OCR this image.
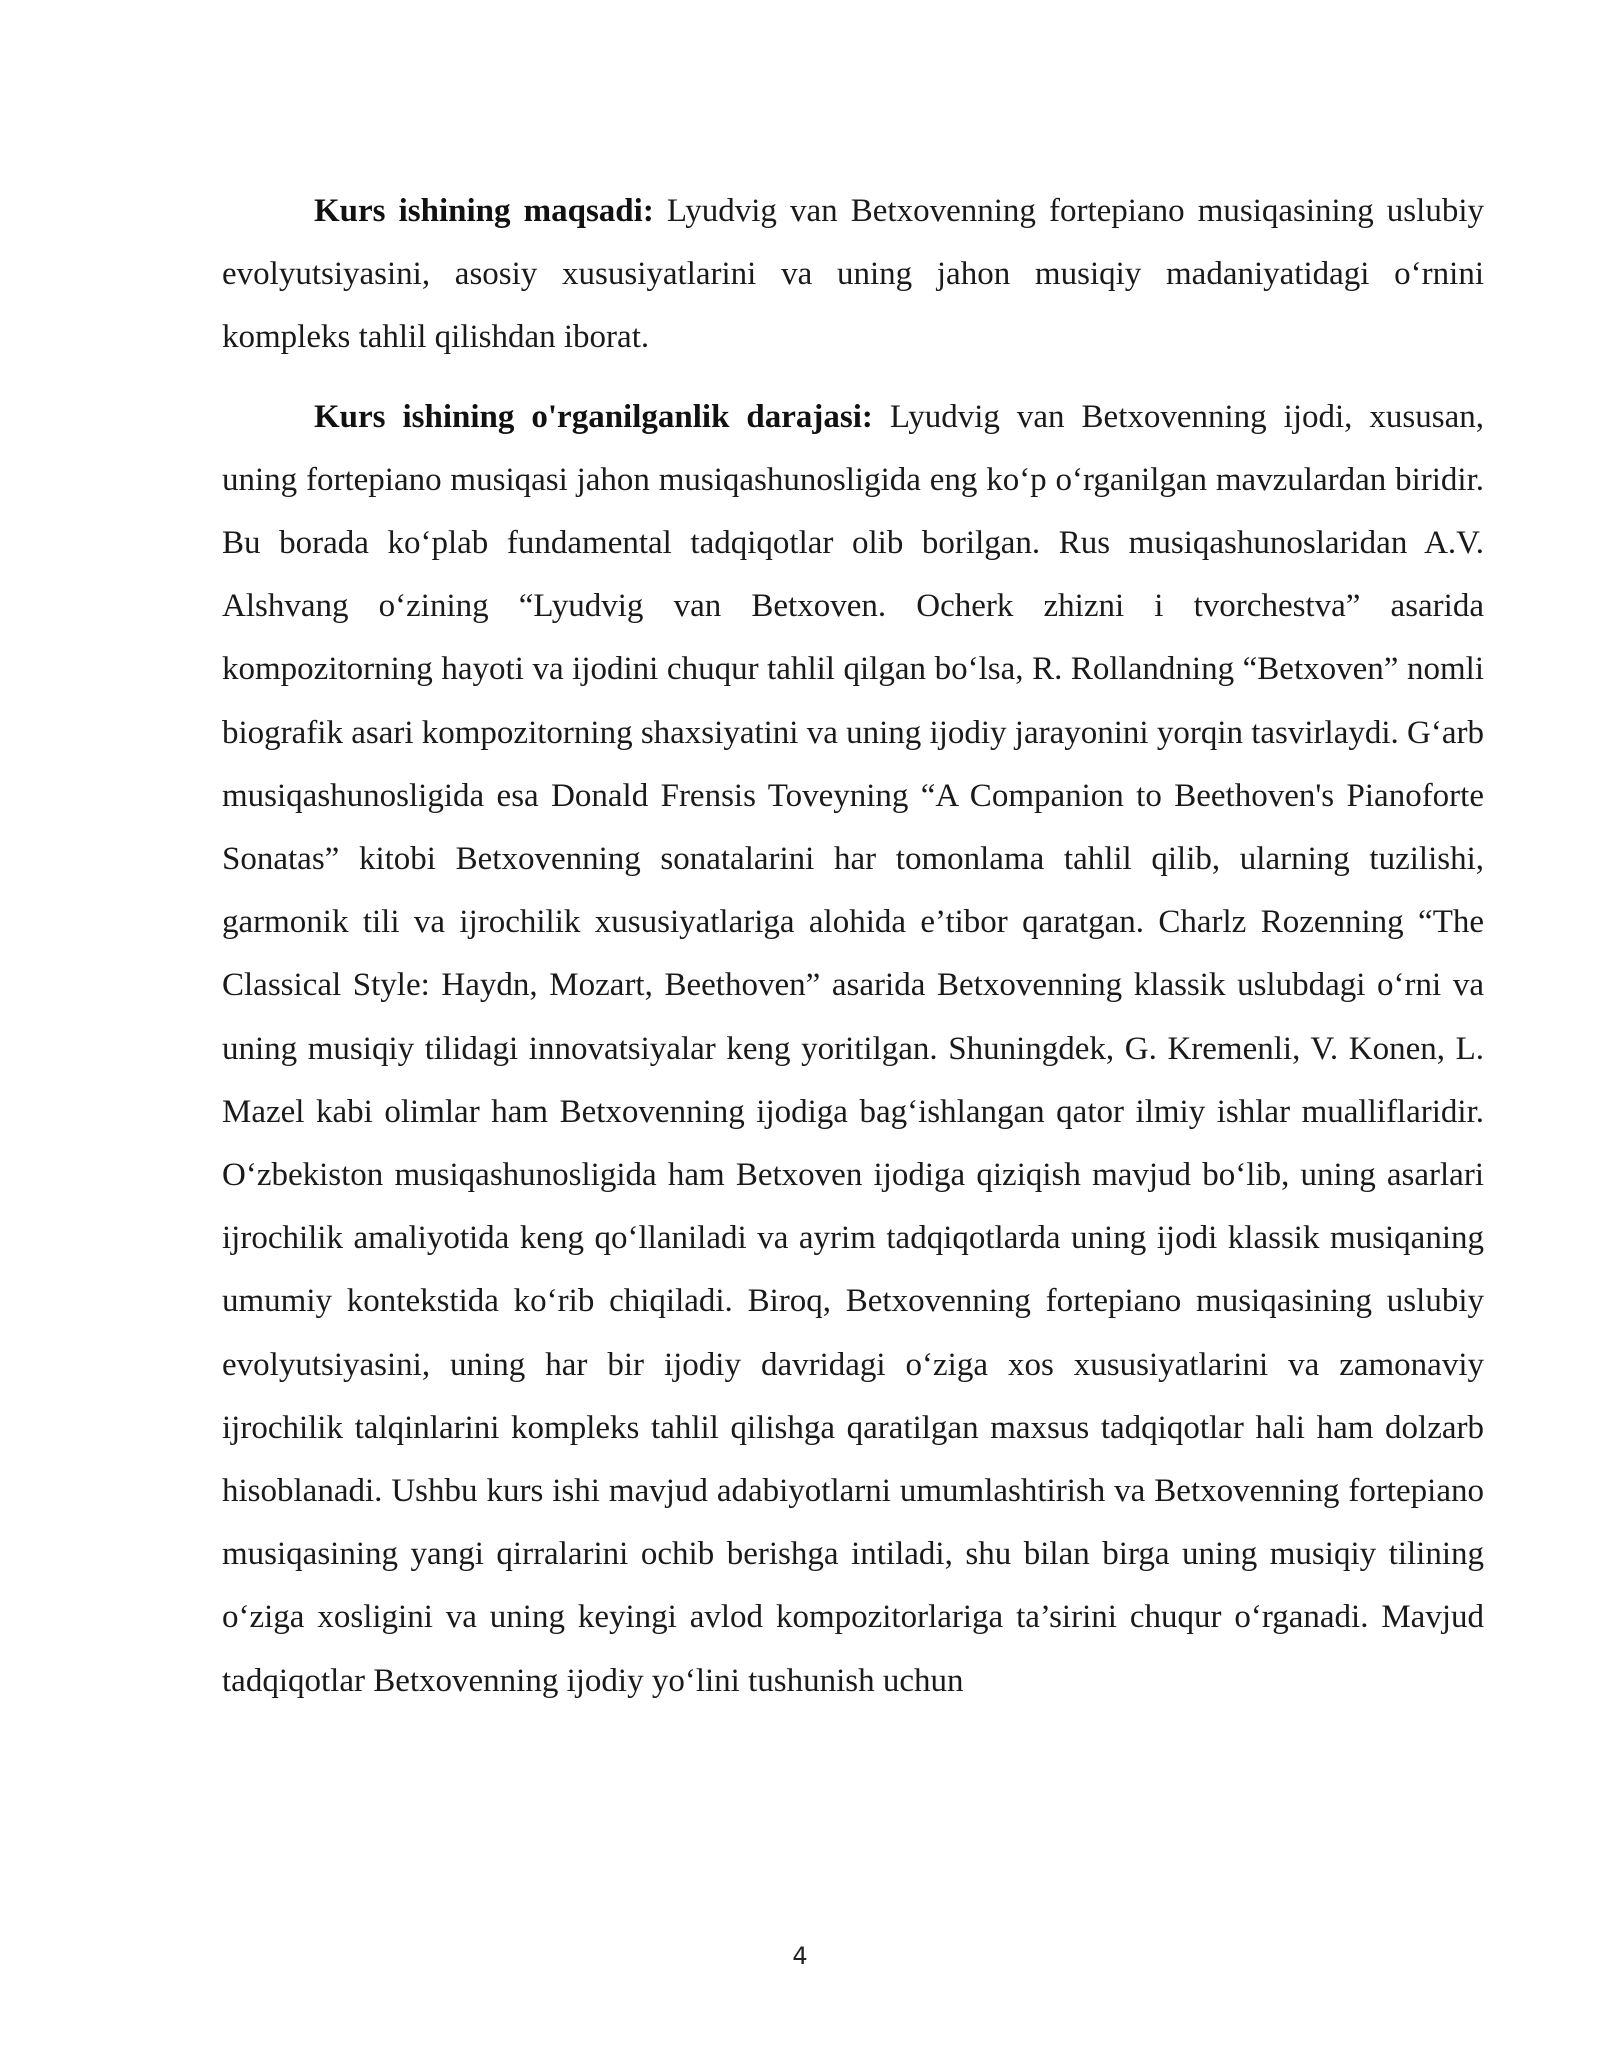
Kurs ishining maqsadi: Lyudvig van Betxovenning fortepiano musiqasining uslubiy evolyutsiyasini, asosiy xususiyatlarini va uning jahon musiqiy madaniyatidagi o‘rnini kompleks tahlil qilishdan iborat.

Kurs ishining o'rganilganlik darajasi: Lyudvig van Betxovenning ijodi, xususan, uning fortepiano musiqasi jahon musiqashunosligida eng ko‘p o‘rganilgan mavzulardan biridir. Bu borada ko‘plab fundamental tadqiqotlar olib borilgan. Rus musiqashunoslaridan A.V. Alshvang o‘zining “Lyudvig van Betxoven. Ocherk zhizni i tvorchestva” asarida kompozitorning hayoti va ijodini chuqur tahlil qilgan bo‘lsa, R. Rollandning “Betxoven” nomli biografik asari kompozitorning shaxsiyatini va uning ijodiy jarayonini yorqin tasvirlaydi. G‘arb musiqashunosligida esa Donald Frensis Toveyning “A Companion to Beethoven's Pianoforte Sonatas” kitobi Betxovenning sonatalarini har tomonlama tahlil qilib, ularning tuzilishi, garmonik tili va ijrochilik xususiyatlariga alohida e’tibor qaratgan. Charlz Rozenning “The Classical Style: Haydn, Mozart, Beethoven” asarida Betxovenning klassik uslubdagi o‘rni va uning musiqiy tilidagi innovatsiyalar keng yoritilgan. Shuningdek, G. Kremenli, V. Konen, L. Mazel kabi olimlar ham Betxovenning ijodiga bag‘ishlangan qator ilmiy ishlar mualliflaridir. O‘zbekiston musiqashunosligida ham Betxoven ijodiga qiziqish mavjud bo‘lib, uning asarlari ijrochilik amaliyotida keng qo‘llaniladi va ayrim tadqiqotlarda uning ijodi klassik musiqaning umumiy kontekstida ko‘rib chiqiladi. Biroq, Betxovenning fortepiano musiqasining uslubiy evolyutsiyasini, uning har bir ijodiy davridagi o‘ziga xos xususiyatlarini va zamonaviy ijrochilik talqinlarini kompleks tahlil qilishga qaratilgan maxsus tadqiqotlar hali ham dolzarb hisoblanadi. Ushbu kurs ishi mavjud adabiyotlarni umumlashtirish va Betxovenning fortepiano musiqasining yangi qirralarini ochib berishga intiladi, shu bilan birga uning musiqiy tilining o‘ziga xosligini va uning keyingi avlod kompozitorlariga ta’sirini chuqur o‘rganadi. Mavjud tadqiqotlar Betxovenning ijodiy yo‘lini tushunish uchun

4
